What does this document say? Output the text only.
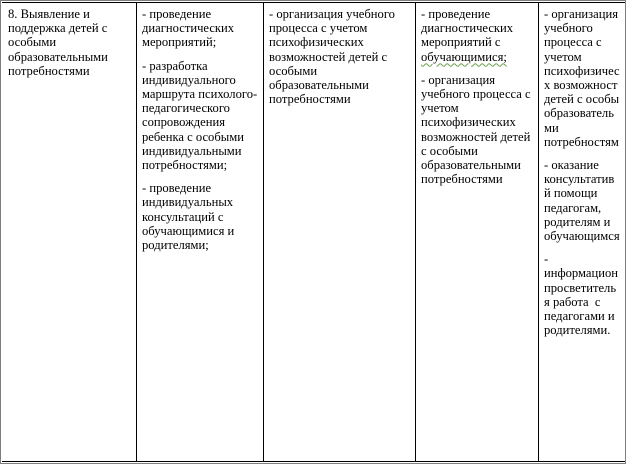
8. Выявление и поддержка детей с особыми образовательными потребностями
- проведение диагностических мероприятий;
- разработка индивидуального маршрута психолого-педагогического сопровождения ребенка с особыми индивидуальными потребностями;
- проведение индивидуальных консультаций с обучающимися и родителями;
- организация учебного процесса с учетом психофизических возможностей детей с особыми образовательными потребностями
- проведение диагностических мероприятий с обучающимися;
- организация учебного процесса с учетом психофизических возможностей детей с особыми образовательными потребностями
- организация
учебного
процесса с
учетом
психофизичес
х возможност
детей с особы
образователь
ми
потребностям
- оказание
консультатив
й помощи
педагогам,
родителям и
обучающимся
-
информацион
просветитель
я работа  с
педагогами и
родителями.
